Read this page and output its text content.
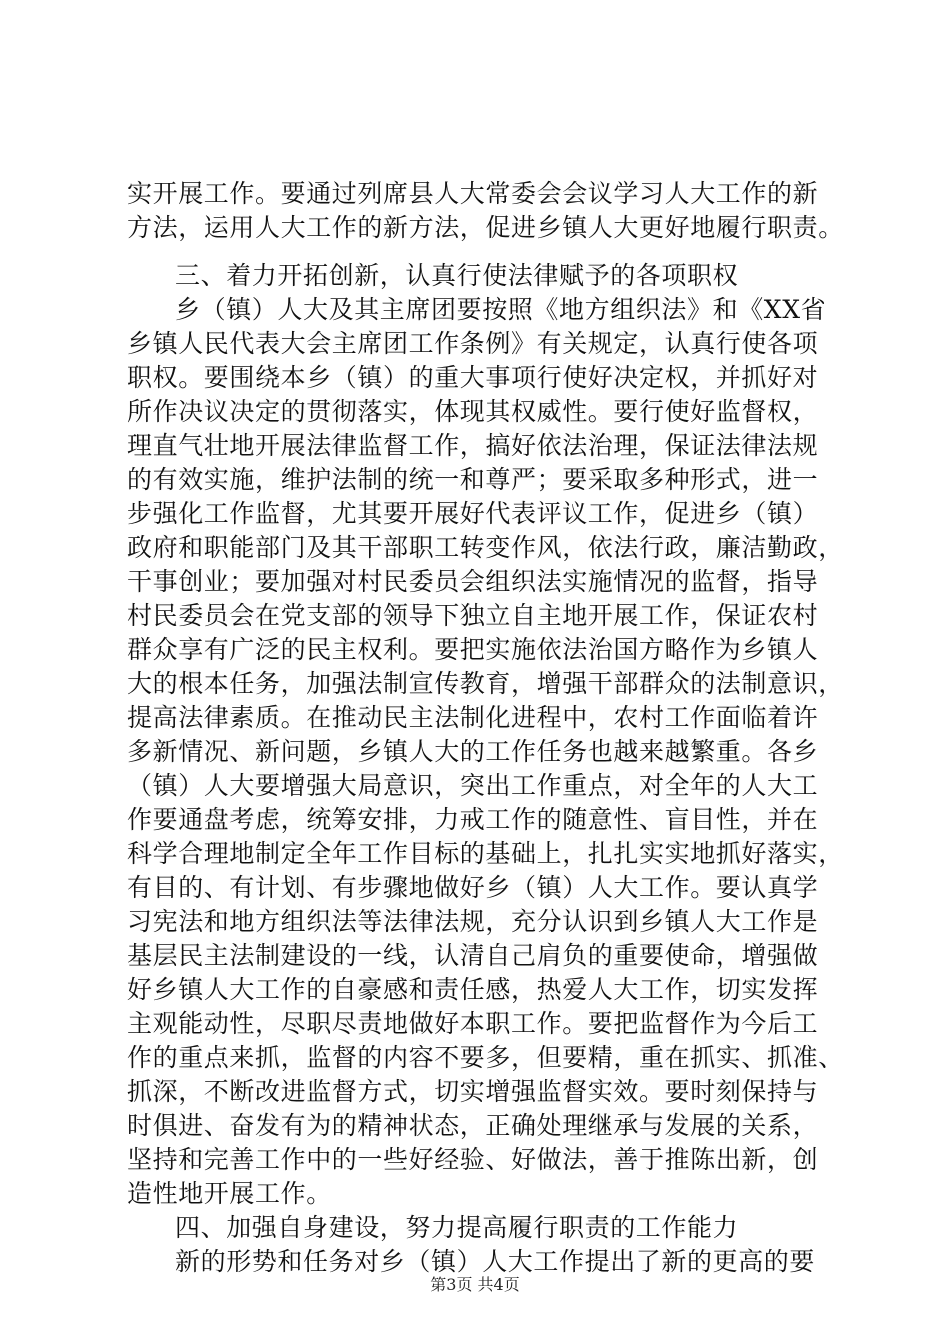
实开展工作。要通过列席县人大常委会会议学习人大工作的新
方法，运用人大工作的新方法，促进乡镇人大更好地履行职责。
三、着力开拓创新，认真行使法律赋予的各项职权
乡（镇）人大及其主席团要按照《地方组织法》和《XX省
乡镇人民代表大会主席团工作条例》有关规定，认真行使各项
职权。要围绕本乡（镇）的重大事项行使好决定权，并抓好对
所作决议决定的贯彻落实，体现其权威性。要行使好监督权，
理直气壮地开展法律监督工作，搞好依法治理，保证法律法规
的有效实施，维护法制的统一和尊严；要采取多种形式，进一
步强化工作监督，尤其要开展好代表评议工作，促进乡（镇）
政府和职能部门及其干部职工转变作风，依法行政，廉洁勤政，
干事创业；要加强对村民委员会组织法实施情况的监督，指导
村民委员会在党支部的领导下独立自主地开展工作，保证农村
群众享有广泛的民主权利。要把实施依法治国方略作为乡镇人
大的根本任务，加强法制宣传教育，增强干部群众的法制意识，
提高法律素质。在推动民主法制化进程中，农村工作面临着许
多新情况、新问题，乡镇人大的工作任务也越来越繁重。各乡
（镇）人大要增强大局意识，突出工作重点，对全年的人大工
作要通盘考虑，统筹安排，力戒工作的随意性、盲目性，并在
科学合理地制定全年工作目标的基础上，扎扎实实地抓好落实，
有目的、有计划、有步骤地做好乡（镇）人大工作。要认真学
习宪法和地方组织法等法律法规，充分认识到乡镇人大工作是
基层民主法制建设的一线，认清自己肩负的重要使命，增强做
好乡镇人大工作的自豪感和责任感，热爱人大工作，切实发挥
主观能动性，尽职尽责地做好本职工作。要把监督作为今后工
作的重点来抓，监督的内容不要多，但要精，重在抓实、抓准、
抓深，不断改进监督方式，切实增强监督实效。要时刻保持与
时俱进、奋发有为的精神状态，正确处理继承与发展的关系，
坚持和完善工作中的一些好经验、好做法，善于推陈出新，创
造性地开展工作。
四、加强自身建设，努力提高履行职责的工作能力
新的形势和任务对乡（镇）人大工作提出了新的更高的要
第3页 共4页
